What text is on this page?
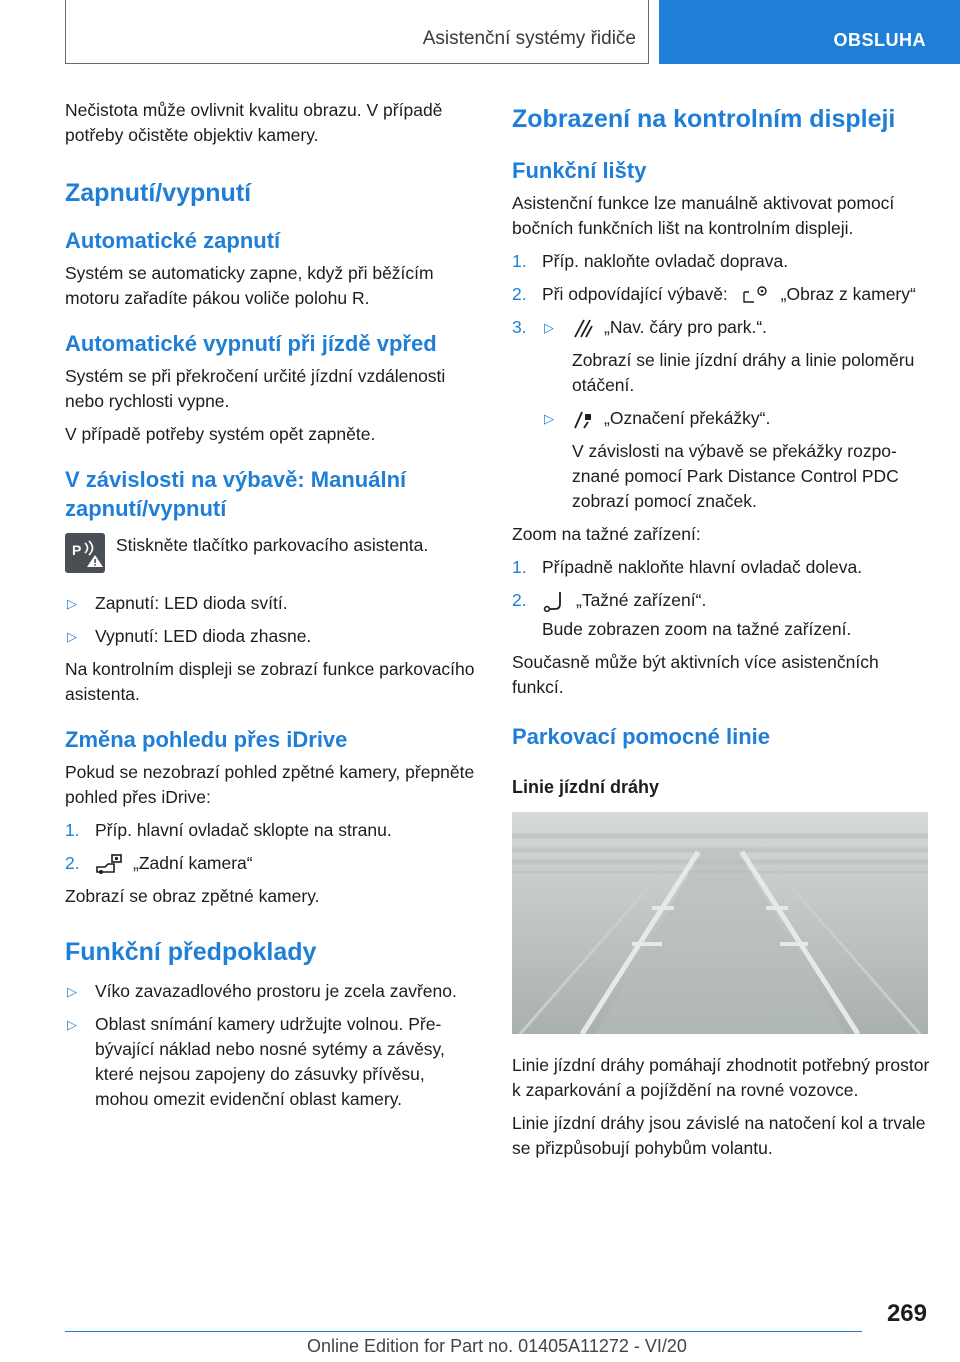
Asistenční systémy řidiče	OBSLUHA

Nečistota může ovlivnit kvalitu obrazu. V případě potřeby očistěte objektiv kamery.

Zapnutí/vypnutí
Automatické zapnutí

Systém se automaticky zapne, když při běžícím motoru zařadíte pákou voliče polohu R.

Automatické vypnutí při jízdě vpřed

Systém se při překročení určité jízdní vzdálenosti nebo rychlosti vypne.

V případě potřeby systém opět zapněte.

V závislosti na výbavě: Manuální zapnutí/vypnutí
P Stiskněte tlačítko parkovacího asistenta.

▷ Zapnutí: LED dioda svítí.
▷ Vypnutí: LED dioda zhasne.

Na kontrolním displeji se zobrazí funkce parkovacího asistenta.

Změna pohledu přes iDrive

Pokud se nezobrazí pohled zpětné kamery, přepněte pohled přes iDrive:

1. Příp. hlavní ovladač sklopte na stranu.
2.	„Zadní kamera“

Zobrazí se obraz zpětné kamery.

Funkční předpoklady
▷ Víko zavazadlového prostoru je zcela zavřeno.
▷ Oblast snímání kamery udržujte volnou. Přebývající náklad nebo nosné sytémy a závěsy, které nejsou zapojeny do zásuvky přívěsu, mohou omezit evidenční oblast kamery.
Zobrazení na kontrolním displeji
Funkční lišty

Asistenční funkce lze manuálně aktivovat pomocí bočních funkčních lišt na kontrolním displeji.

1. Příp. nakloňte ovladač doprava.
2. Při odpovídající výbavě:	„Obraz z kamery“
3. ▷	„Nav. čáry pro park.“.

Zobrazí se linie jízdní dráhy a linie poloměru otáčení.

▷	„Označení překážky“.

V závislosti na výbavě se překážky rozpoznané pomocí Park Distance Control PDC zobrazí pomocí značek.

Zoom na tažné zařízení:

1. Případně nakloňte hlavní ovladač doleva.
2.	„Tažné zařízení“.

Bude zobrazen zoom na tažné zařízení.

Současně může být aktivních více asistenčních funkcí.

Parkovací pomocné linie
Linie jízdní dráhy

Linie jízdní dráhy pomáhají zhodnotit potřebný prostor k zaparkování a pojíždění na rovné vozovce.

Linie jízdní dráhy jsou závislé na natočení kol a trvale se přizpůsobují pohybům volantu.

269
Online Edition for Part no. 01405A11272 - VI/20
